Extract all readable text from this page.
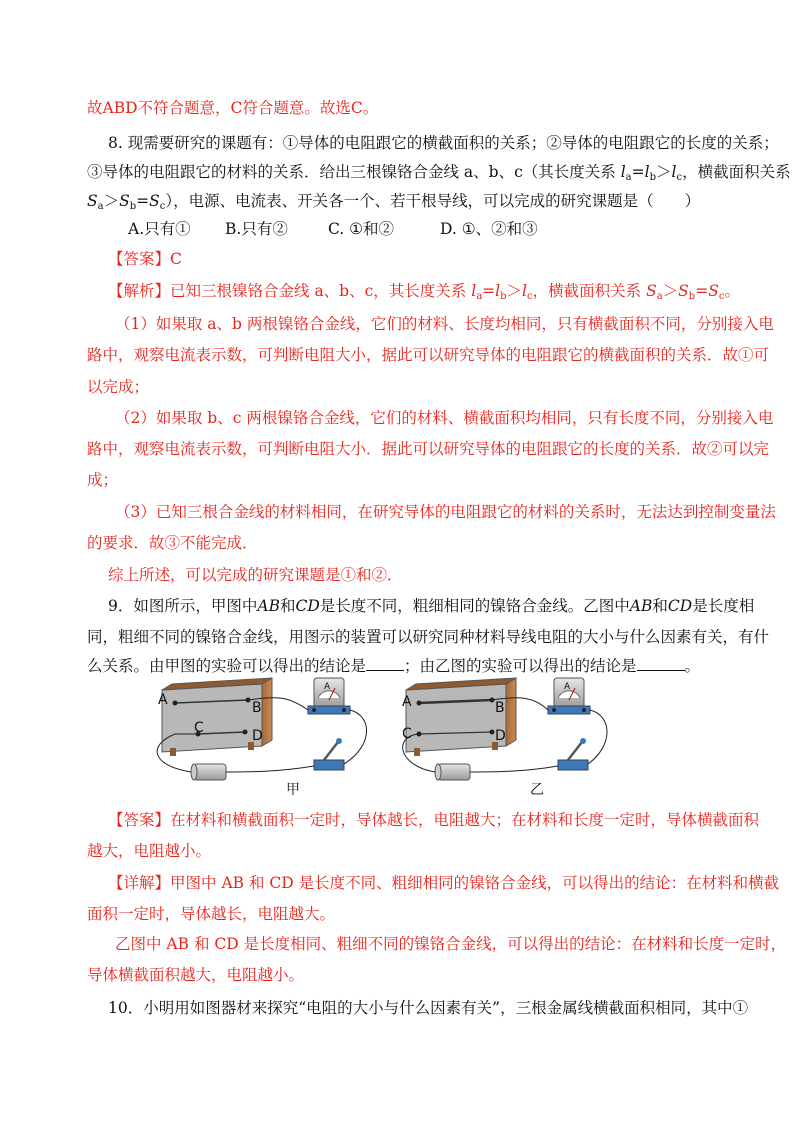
故ABD不符合题意，C符合题意。故选C。
8. 现需要研究的课题有：①导体的电阻跟它的横截面积的关系；②导体的电阻跟它的长度的关系；
③导体的电阻跟它的材料的关系．给出三根镍铬合金线 a、b、c（其长度关系 $l_a=l_b>l_c$，横截面积关系
$S_a>S_b=S_c$），电源、电流表、开关各一个、若干根导线，可以完成的研究课题是（　　）
A.只有① B.只有②	C. ①和②	D. ①、②和③
【答案】C
【解析】已知三根镍铬合金线 a、b、c，其长度关系 $l_a=l_b>l_c$，横截面积关系 $S_a>S_b=S_c$。
（1）如果取 a、b 两根镍铬合金线，它们的材料、长度均相同，只有横截面积不同，分别接入电
路中，观察电流表示数，可判断电阻大小，据此可以研究导体的电阻跟它的横截面积的关系．故①可
以完成；
（2）如果取 b、c 两根镍铬合金线，它们的材料、横截面积均相同，只有长度不同，分别接入电
路中，观察电流表示数，可判断电阻大小．据此可以研究导体的电阻跟它的长度的关系．故②可以完
成；
（3）已知三根合金线的材料相同，在研究导体的电阻跟它的材料的关系时，无法达到控制变量法
的要求．故③不能完成．
综上所述，可以完成的研究课题是①和②．
9．如图所示，甲图中AB和CD是长度不同，粗细相同的镍铬合金线。乙图中AB和CD是长度相
同，粗细不同的镍铬合金线，用图示的装置可以研究同种材料导线电阻的大小与什么因素有关，有什
么关系。由甲图的实验可以得出的结论是 ；由乙图的实验可以得出的结论是	。
A	B
C	D
A	B
C	D
A	A
甲	乙
【答案】在材料和横截面积一定时，导体越长，电阻越大；在材料和长度一定时，导体横截面积
越大，电阻越小。
【详解】甲图中 AB 和 CD 是长度不同、粗细相同的镍铬合金线，可以得出的结论：在材料和横截
面积一定时，导体越长，电阻越大。
乙图中 AB 和 CD 是长度相同、粗细不同的镍铬合金线，可以得出的结论：在材料和长度一定时，
导体横截面积越大，电阻越小。
10．小明用如图器材来探究“电阻的大小与什么因素有关”，三根金属线横截面积相同，其中①
